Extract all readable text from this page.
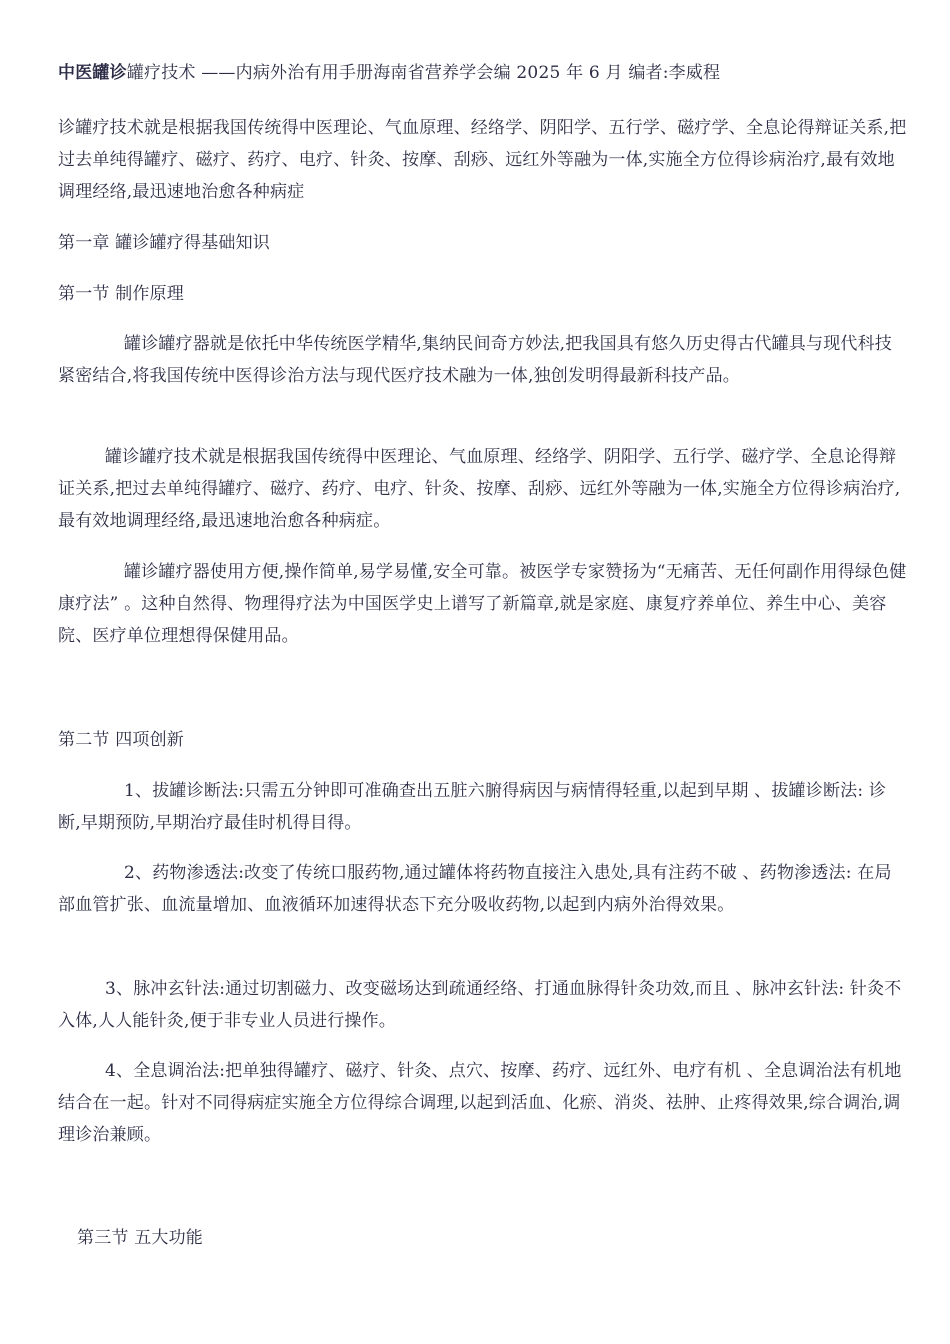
中医罐诊罐疗技术 ——内病外治有用手册海南省营养学会编 2025 年 6 月 编者:李威程
诊罐疗技术就是根据我国传统得中医理论、气血原理、经络学、阴阳学、五行学、磁疗学、全息论得辩证关系,把过去单纯得罐疗、磁疗、药疗、电疗、针灸、按摩、刮痧、远红外等融为一体,实施全方位得诊病治疗,最有效地调理经络,最迅速地治愈各种病症
第一章 罐诊罐疗得基础知识
第一节 制作原理
罐诊罐疗器就是依托中华传统医学精华,集纳民间奇方妙法,把我国具有悠久历史得古代罐具与现代科技紧密结合,将我国传统中医得诊治方法与现代医疗技术融为一体,独创发明得最新科技产品。
罐诊罐疗技术就是根据我国传统得中医理论、气血原理、经络学、阴阳学、五行学、磁疗学、全息论得辩证关系,把过去单纯得罐疗、磁疗、药疗、电疗、针灸、按摩、刮痧、远红外等融为一体,实施全方位得诊病治疗,最有效地调理经络,最迅速地治愈各种病症。
罐诊罐疗器使用方便,操作简单,易学易懂,安全可靠。被医学专家赞扬为“无痛苦、无任何副作用得绿色健康疗法” 。这种自然得、物理得疗法为中国医学史上谱写了新篇章,就是家庭、康复疗养单位、养生中心、美容院、医疗单位理想得保健用品。
第二节 四项创新
1、拔罐诊断法:只需五分钟即可准确查出五脏六腑得病因与病情得轻重,以起到早期 、拔罐诊断法: 诊断,早期预防,早期治疗最佳时机得目得。
2、药物渗透法:改变了传统口服药物,通过罐体将药物直接注入患处,具有注药不破 、药物渗透法: 在局部血管扩张、血流量增加、血液循环加速得状态下充分吸收药物,以起到内病外治得效果。
3、脉冲玄针法:通过切割磁力、改变磁场达到疏通经络、打通血脉得针灸功效,而且 、脉冲玄针法: 针灸不入体,人人能针灸,便于非专业人员进行操作。
4、全息调治法:把单独得罐疗、磁疗、针灸、点穴、按摩、药疗、远红外、电疗有机 、全息调治法有机地结合在一起。针对不同得病症实施全方位得综合调理,以起到活血、化瘀、消炎、祛肿、止疼得效果,综合调治,调理诊治兼顾。
第三节 五大功能
